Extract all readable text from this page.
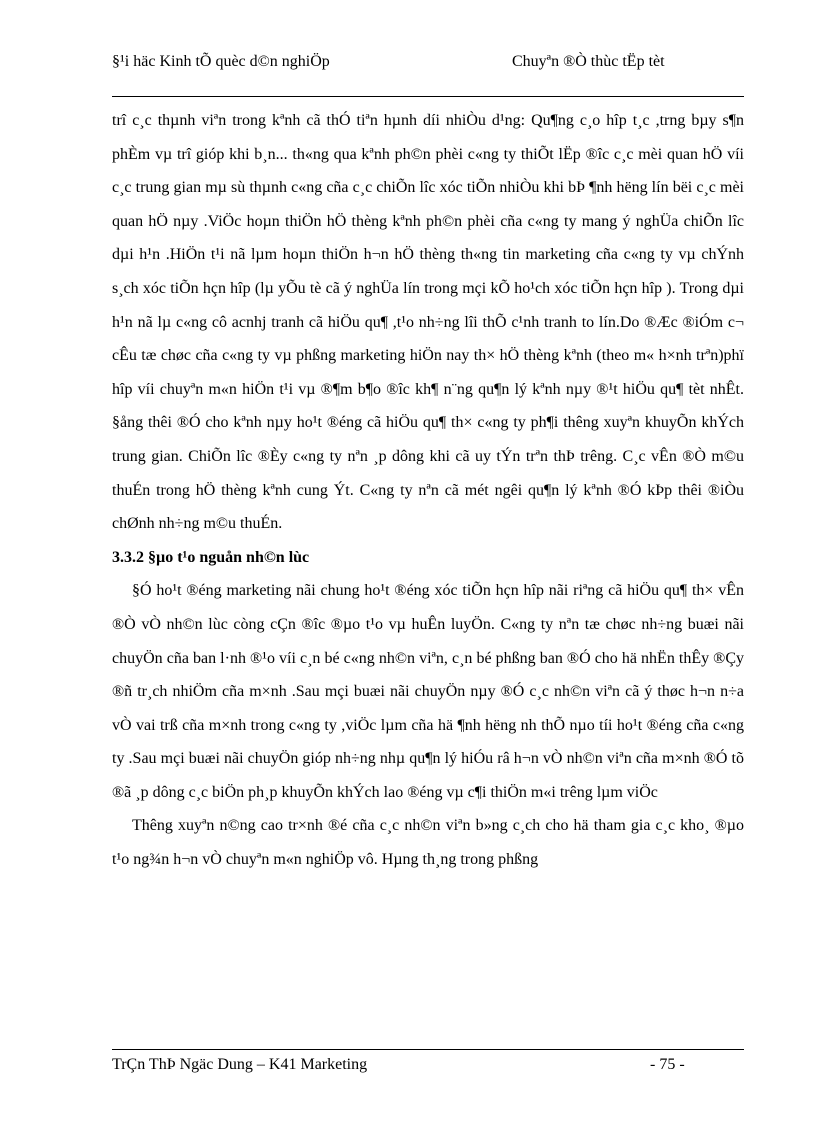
§¹i häc Kinh tÕ quèc d©n nghiÖp	Chuyªn ®Ò thùc tËp tèt

trî c¸c thµnh viªn trong kªnh cã thÓ tiªn hµnh díi nhiÒu d¹ng: Qu¶ng c¸o hîp t¸c ,trng bµy s¶n phÈm vµ trî gióp khi b¸n... th«ng qua kªnh ph©n phèi c«ng ty thiÕt lËp ®îc c¸c mèi quan hÖ víi c¸c trung gian mµ sù thµnh c«ng cña c¸c chiÕn lîc xóc tiÕn nhiÒu khi bÞ ¶nh hëng lín bëi c¸c mèi quan hÖ nµy .ViÖc hoµn thiÖn hÖ thèng kªnh ph©n phèi cña c«ng ty mang ý nghÜa chiÕn lîc dµi h¹n .HiÖn t¹i nã lµm hoµn thiÖn h¬n hÖ thèng th«ng tin marketing cña c«ng ty vµ chÝnh s¸ch xóc tiÕn hçn hîp (lµ yÕu tè cã ý nghÜa lín trong mçi kÕ ho¹ch xóc tiÕn hçn hîp ). Trong dµi h¹n nã lµ c«ng cô acnhj tranh cã hiÖu qu¶ ,t¹o nh÷ng lîi thÕ c¹nh tranh to lín.Do ®Æc ®iÓm c¬ cÊu tæ chøc cña c«ng ty vµ phßng marketing hiÖn nay th× hÖ thèng kªnh (theo m« h×nh trªn)phï hîp víi chuyªn m«n hiÖn t¹i vµ ®¶m b¶o ®îc kh¶ n¨ng qu¶n lý kªnh nµy ®¹t hiÖu qu¶ tèt nhÊt. §ång thêi ®Ó cho kªnh nµy ho¹t ®éng cã hiÖu qu¶ th× c«ng ty ph¶i thêng xuyªn khuyÕn khÝch trung gian. ChiÕn lîc ®Èy c«ng ty nªn ¸p dông khi cã uy tÝn trªn thÞ trêng. C¸c vÊn ®Ò m©u thuÉn trong hÖ thèng kªnh cung Ýt. C«ng ty nªn cã mét ngêi qu¶n lý kªnh ®Ó kÞp thêi ®iÒu chØnh nh÷ng m©u thuÉn.

3.3.2 §µo t¹o nguån nh©n lùc

§Ó ho¹t ®éng marketing nãi chung ho¹t ®éng xóc tiÕn hçn hîp nãi riªng cã hiÖu qu¶ th× vÊn ®Ò vÒ nh©n lùc còng cÇn ®îc ®µo t¹o vµ huÊn luyÖn. C«ng ty nªn tæ chøc nh÷ng buæi nãi chuyÖn cña ban l·nh ®¹o víi c¸n bé c«ng nh©n viªn, c¸n bé phßng ban ®Ó cho hä nhËn thÊy ®Çy ®ñ tr¸ch nhiÖm cña m×nh .Sau mçi buæi nãi chuyÖn nµy ®Ó c¸c nh©n viªn cã ý thøc h¬n n÷a vÒ vai trß cña m×nh trong c«ng ty ,viÖc lµm cña hä ¶nh hëng nh thÕ nµo tíi ho¹t ®éng cña c«ng ty .Sau mçi buæi nãi chuyÖn gióp nh÷ng nhµ qu¶n lý hiÓu râ h¬n vÒ nh©n viªn cña m×nh ®Ó tõ ®ã ¸p dông c¸c biÖn ph¸p khuyÕn khÝch lao ®éng vµ c¶i thiÖn m«i trêng lµm viÖc

Thêng xuyªn n©ng cao tr×nh ®é cña c¸c nh©n viªn b»ng c¸ch cho hä tham gia c¸c kho¸ ®µo t¹o ng¾n h¬n vÒ chuyªn m«n nghiÖp vô. Hµng th¸ng trong phßng

TrÇn ThÞ Ngäc Dung – K41 Marketing	- 75 -
